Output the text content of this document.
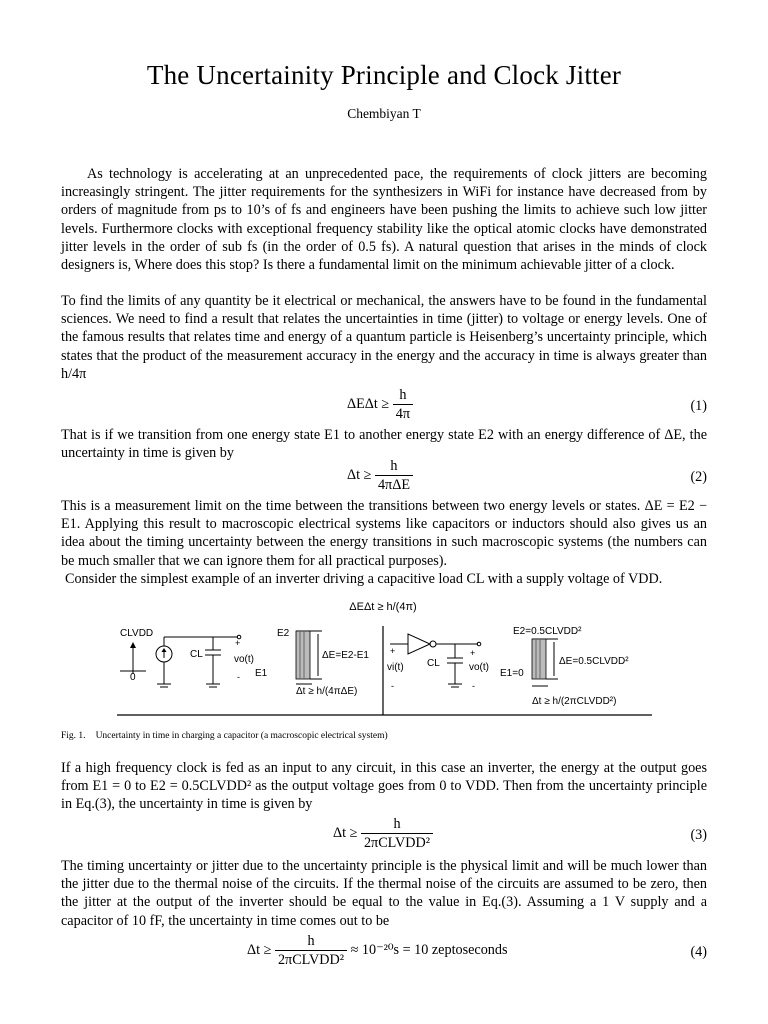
The Uncertainity Principle and Clock Jitter
Chembiyan T

As technology is accelerating at an unprecedented pace, the requirements of clock jitters are becoming increasingly stringent. The jitter requirements for the synthesizers in WiFi for instance have decreased from by orders of magnitude from ps to 10’s of fs and engineers have been pushing the limits to achieve such low jitter levels. Furthermore clocks with exceptional frequency stability like the optical atomic clocks have demonstrated jitter levels in the order of sub fs (in the order of 0.5 fs). A natural question that arises in the minds of clock designers is, Where does this stop? Is there a fundamental limit on the minimum achievable jitter of a clock.

To find the limits of any quantity be it electrical or mechanical, the answers have to be found in the fundamental sciences. We need to find a result that relates the uncertainties in time (jitter) to voltage or energy levels. One of the famous results that relates time and energy of a quantum particle is Heisenberg’s uncertainty principle, which states that the product of the measurement accuracy in the energy and the accuracy in time is always greater than h/4π

$\Delta E\Delta t \ge \frac{h}{4\pi}$	(1)

That is if we transition from one energy state E1 to another energy state E2 with an energy difference of ΔE, the uncertainty in time is given by

$\Delta t \ge \frac{h}{\text{4πΔE}}$	(2)

This is a measurement limit on the time between the transitions between two energy levels or states. ΔE = E2 − E1. Applying this result to macroscopic electrical systems like capacitors or inductors should also gives us an idea about the timing uncertainty between the energy transitions in such macroscopic systems (the numbers can be much smaller that we can ignore them for all practical purposes).

Consider the simplest example of an inverter driving a capacitive load CL with a supply voltage of VDD.

ΔEΔt ≥ h/(4π)
CLVDD
0
CL
+
vo(t)
-
E2
E1
ΔE=E2-E1
Δt ≥ h/(4πΔE)
+
vi(t)
-
CL
+
vo(t)
-
E2=0.5CLVDD²
E1=0
ΔE=0.5CLVDD²
Δt ≥ h/(2πCLVDD²)
Fig. 1. Uncertainty in time in charging a capacitor (a macroscopic electrical system)

If a high frequency clock is fed as an input to any circuit, in this case an inverter, the energy at the output goes from E1 = 0 to E2 = 0.5CLVDD² as the output voltage goes from 0 to VDD. Then from the uncertainty principle in Eq.(3), the uncertainty in time is given by

$\Delta t \ge \frac{h}{\text{2πCLVDD²}}$	(3)

The timing uncertainty or jitter due to the uncertainty principle is the physical limit and will be much lower than the jitter due to the thermal noise of the circuits. If the thermal noise of the circuits are assumed to be zero, then the jitter at the output of the inverter should be equal to the value in Eq.(3). Assuming a 1 V supply and a capacitor of 10 fF, the uncertainty in time comes out to be

$\Delta t \ge \frac{h}{\text{2πCLVDD²}} \approx 10^{-20}s = 10$ zeptoseconds	(4)
